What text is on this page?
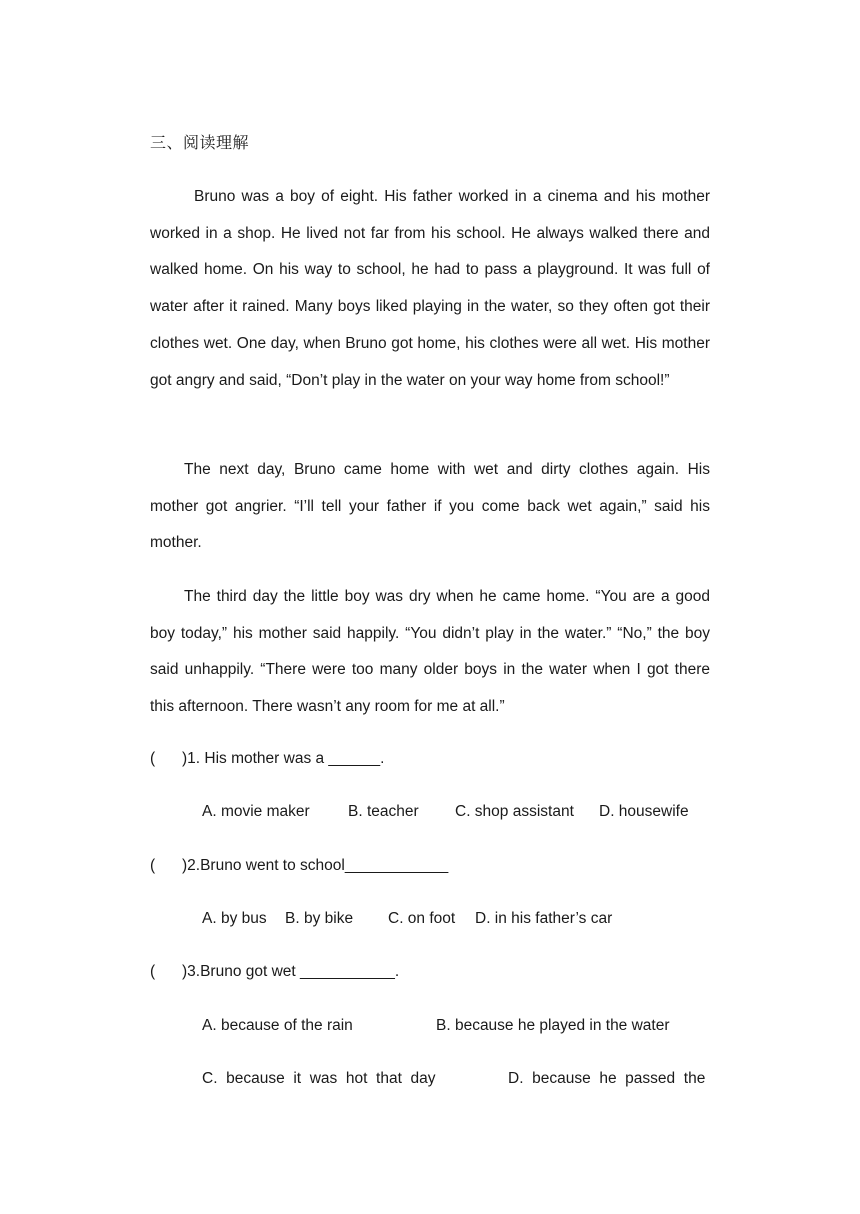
三、阅读理解

Bruno was a boy of eight. His father worked in a cinema and his mother worked in a shop. He lived not far from his school. He always walked there and walked home. On his way to school, he had to pass a playground. It was full of water after it rained. Many boys liked playing in the water, so they often got their clothes wet. One day, when Bruno got home, his clothes were all wet. His mother got angry and said, “Don’t play in the water on your way home from school!”

The next day, Bruno came home with wet and dirty clothes again. His mother got angrier. “I’ll tell your father if you come back wet again,” said his mother.

The third day the little boy was dry when he came home. “You are a good boy today,” his mother said happily. “You didn’t play in the water.” “No,” the boy said unhappily. “There were too many older boys in the water when I got there this afternoon. There wasn’t any room for me at all.”

( )1. His mother was a ______.
A. movie maker B. teacher C. shop assistant D. housewife
( )2.Bruno went to school____________
A. by bus B. by bike C. on foot D. in his father’s car
( )3.Bruno got wet ___________.
A. because of the rain	B. because he played in the water
C.  because  it  was  hot  that  day	D.  because  he  passed  the
